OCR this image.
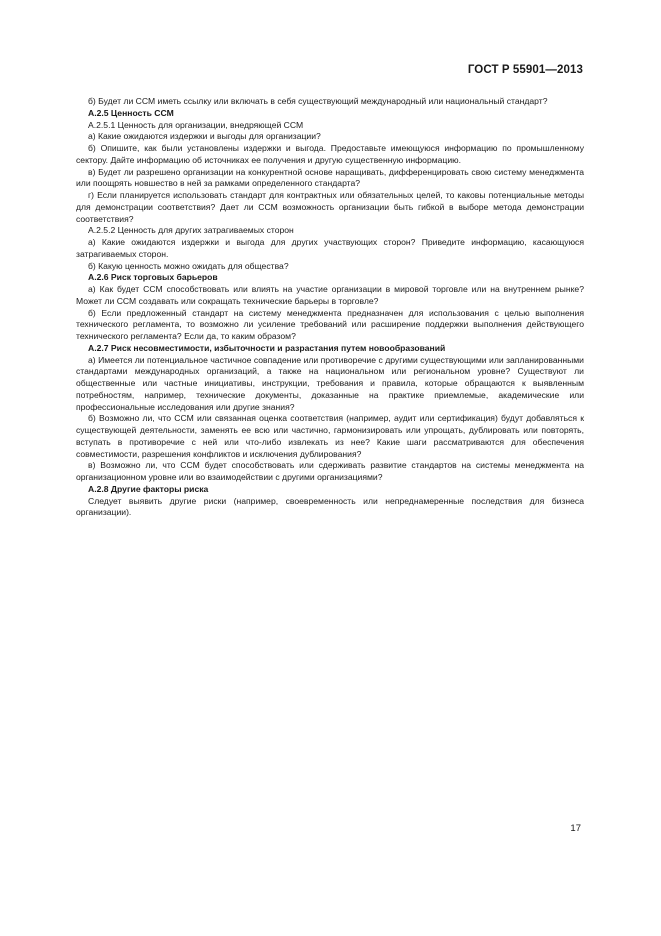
ГОСТ Р 55901—2013

б) Будет ли ССМ иметь ссылку или включать в себя существующий международный или национальный стандарт?

А.2.5 Ценность ССМ

А.2.5.1 Ценность для организации, внедряющей ССМ

а) Какие ожидаются издержки и выгоды для организации?

б) Опишите, как были установлены издержки и выгода. Предоставьте имеющуюся информацию по промышленному сектору. Дайте информацию об источниках ее получения и другую существенную информацию.

в) Будет ли разрешено организации на конкурентной основе наращивать, дифференцировать свою систему менеджмента или поощрять новшество в ней за рамками определенного стандарта?

г) Если планируется использовать стандарт для контрактных или обязательных целей, то каковы потенциальные методы для демонстрации соответствия? Дает ли ССМ возможность организации быть гибкой в выборе метода демонстрации соответствия?

А.2.5.2 Ценность для других затрагиваемых сторон

а) Какие ожидаются издержки и выгода для других участвующих сторон? Приведите информацию, касающуюся затрагиваемых сторон.

б) Какую ценность можно ожидать для общества?

А.2.6 Риск торговых барьеров

а) Как будет ССМ способствовать или влиять на участие организации в мировой торговле или на внутреннем рынке? Может ли ССМ создавать или сокращать технические барьеры в торговле?

б) Если предложенный стандарт на систему менеджмента предназначен для использования с целью выполнения технического регламента, то возможно ли усиление требований или расширение поддержки выполнения действующего технического регламента? Если да, то каким образом?

А.2.7 Риск несовместимости, избыточности и разрастания путем новообразований

а) Имеется ли потенциальное частичное совпадение или противоречие с другими существующими или запланированными стандартами международных организаций, а также на национальном или региональном уровне? Существуют ли общественные или частные инициативы, инструкции, требования и правила, которые обращаются к выявленным потребностям, например, технические документы, доказанные на практике приемлемые, академические или профессиональные исследования или другие знания?

б) Возможно ли, что ССМ или связанная оценка соответствия (например, аудит или сертификация) будут добавляться к существующей деятельности, заменять ее всю или частично, гармонизировать или упрощать, дублировать или повторять, вступать в противоречие с ней или что-либо извлекать из нее? Какие шаги рассматриваются для обеспечения совместимости, разрешения конфликтов и исключения дублирования?

в) Возможно ли, что ССМ будет способствовать или сдерживать развитие стандартов на системы менеджмента на организационном уровне или во взаимодействии с другими организациями?

А.2.8 Другие факторы риска

Следует выявить другие риски (например, своевременность или непреднамеренные последствия для бизнеса организации).

17
